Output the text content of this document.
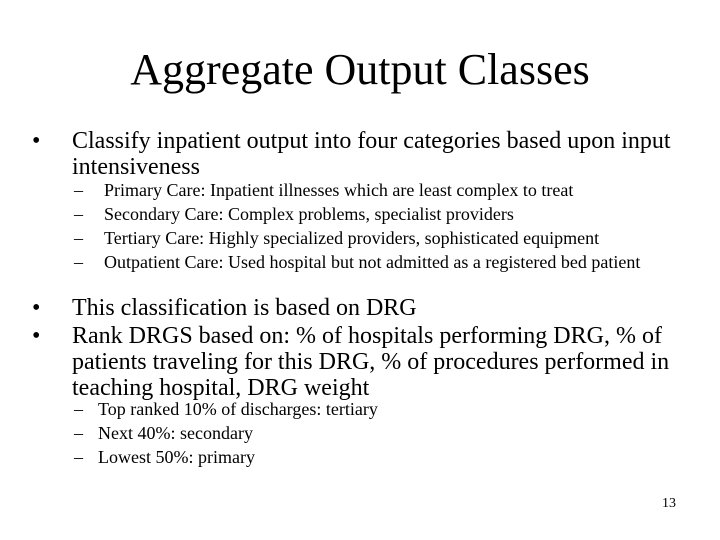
Aggregate Output Classes
• Classify inpatient output into four categories based upon input intensiveness
– Primary Care: Inpatient illnesses which are least complex to treat
– Secondary Care: Complex problems, specialist providers
– Tertiary Care: Highly specialized providers, sophisticated equipment
– Outpatient Care: Used hospital but not admitted as a registered bed patient
• This classification is based on DRG
• Rank DRGS based on: % of hospitals performing DRG, % of patients traveling for this DRG, % of procedures performed in teaching hospital, DRG weight
– Top ranked 10% of discharges: tertiary
– Next 40%: secondary
– Lowest 50%: primary
13
